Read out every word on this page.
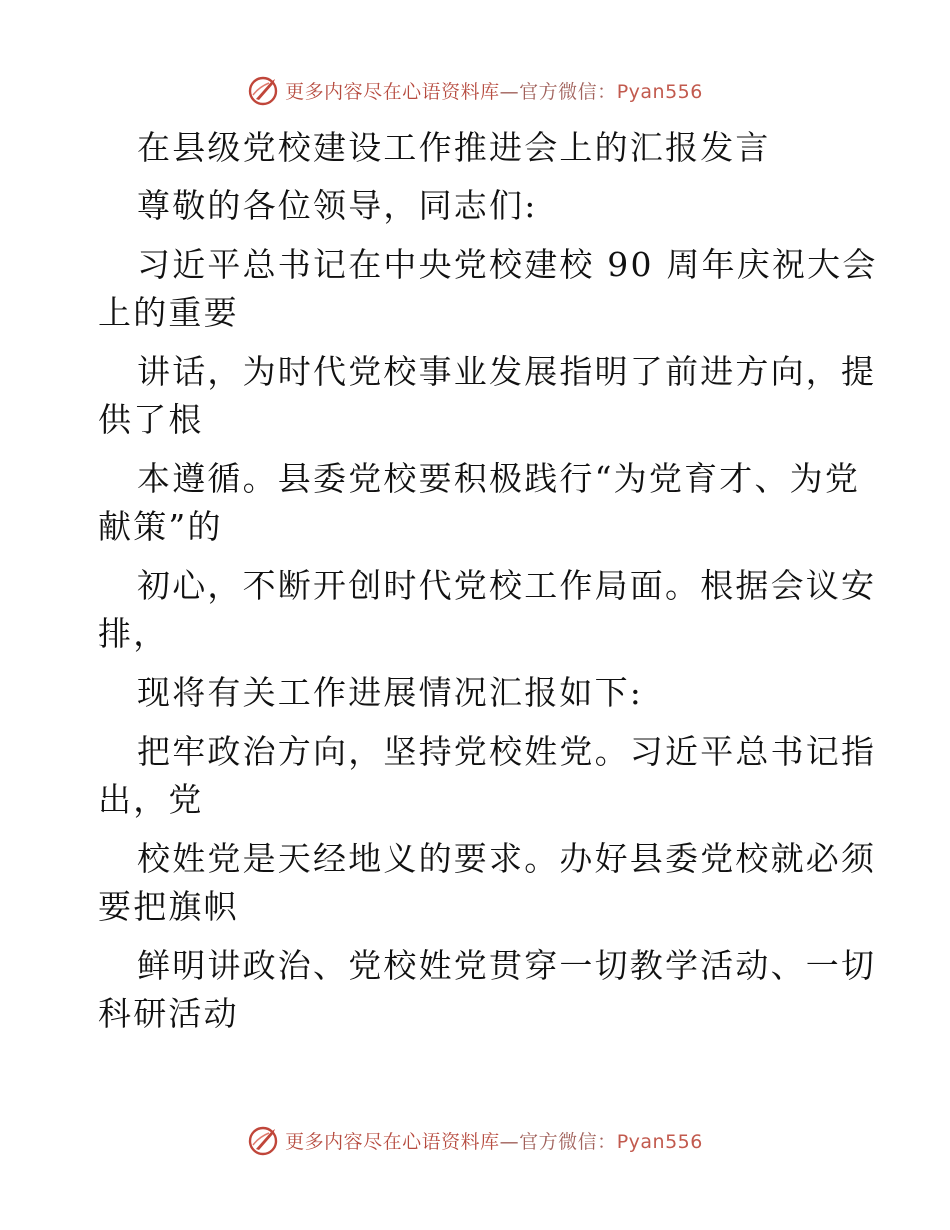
更多内容尽在心语资料库—官方微信：Pyan556
在县级党校建设工作推进会上的汇报发言
尊敬的各位领导，同志们:
习近平总书记在中央党校建校 90 周年庆祝大会
上的重要
讲话，为时代党校事业发展指明了前进方向，提
供了根
本遵循。县委党校要积极践行“为党育才、为党
献策”的
初心，不断开创时代党校工作局面。根据会议安
排，
现将有关工作进展情况汇报如下:
把牢政治方向，坚持党校姓党。习近平总书记指
出，党
校姓党是天经地义的要求。办好县委党校就必须
要把旗帜
鲜明讲政治、党校姓党贯穿一切教学活动、一切
科研活动
更多内容尽在心语资料库—官方微信：Pyan556
